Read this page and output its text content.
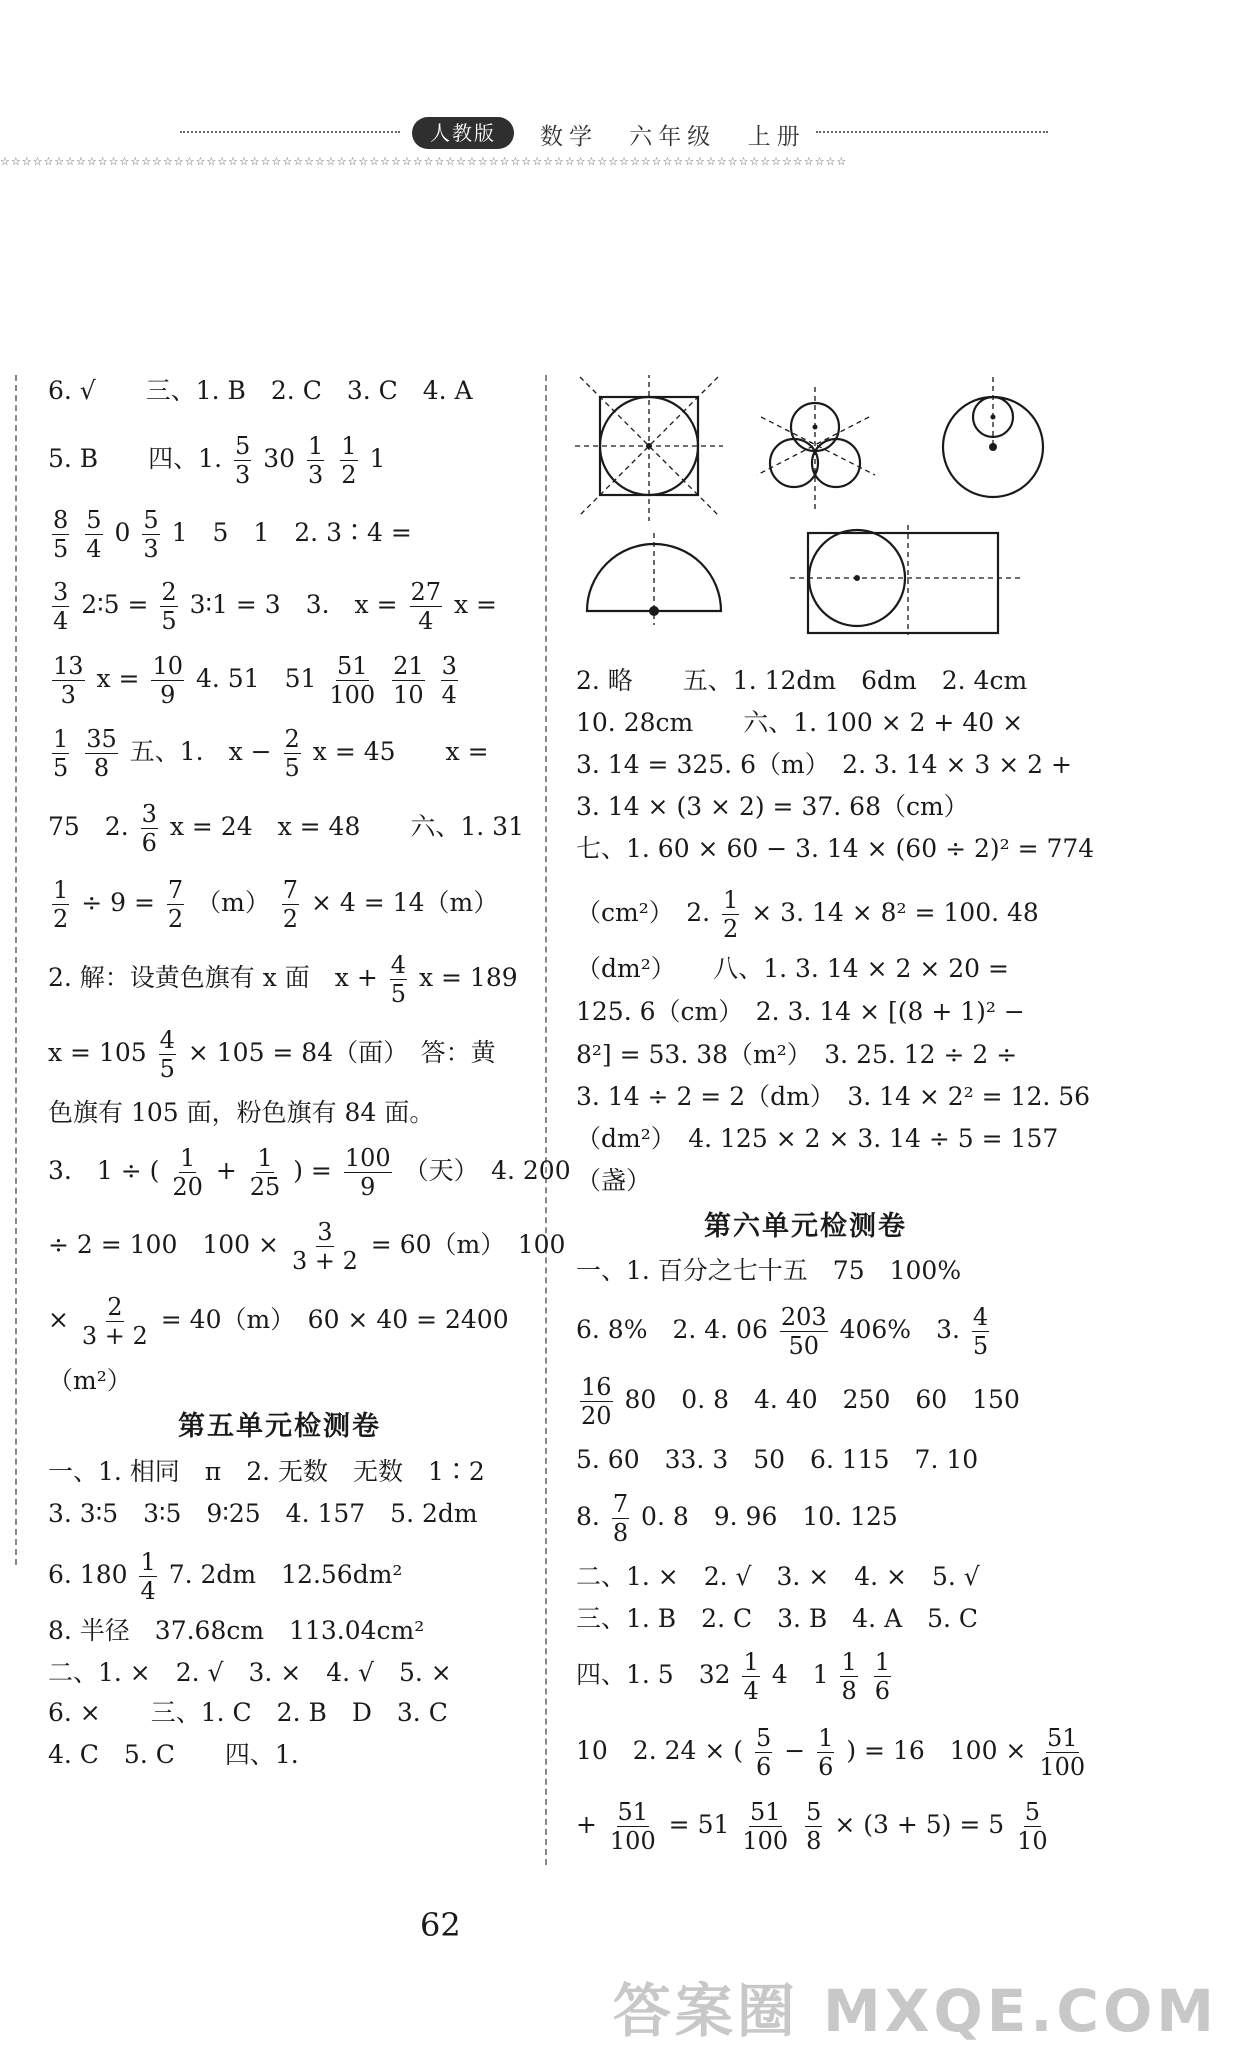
人教版	数学 六年级 上册
☆☆☆☆☆☆☆☆☆☆☆☆☆☆☆☆☆☆☆☆☆☆☆☆☆☆☆☆☆☆☆☆☆☆☆☆☆☆☆☆☆☆☆☆☆☆☆☆☆☆☆☆☆☆☆☆☆☆☆☆☆☆☆☆☆☆☆☆☆☆☆☆☆☆☆☆☆☆
6. √　　三、1. B　2. C　3. C　4. A
5. B　　四、1. $\frac{5}{3} 30 \frac{1}{3}$
$\frac{1}{2} 1$
$\frac{8}{5}$
$\frac{5}{4} 0 \frac{5}{3} 1$　5　1　2. 3∶4 =
$\frac{3}{4}$ 2∶5 = $\frac{2}{5}$ 3∶1 = 3　3.　$x = \frac{27}{4}$ x =
$\frac{13}{3}$ $x = \frac{10}{9} 4$. 51　$51 \frac{51}{100}$
$\frac{21}{10}$
$\frac{3}{4}$
$\frac{1}{5}$
$\frac{35}{8}$ 五、1.　$x - \frac{2}{5}$ x = 45　　x =
75　2. $\frac{3}{6}$ x = 24　x = 48　　六、1. 31
$\frac{1}{2} \div 9 = \frac{7}{2} (m) \frac{7}{2} \times 4 = 14(m)$
2. 解：设黄色旗有 x 面　$x + \frac{4}{5}$ x = 189
$x = 105 \frac{4}{5} \times 105 = 84$（面）　答：黄
色旗有 105 面，粉色旗有 84 面。
3.　1 ÷ ( $\frac{1}{20} + \frac{1}{25}$ ) = $\frac{100}{9}$ （天）　4. 200
÷ 2 = 100　$100 \times \frac{3}{3 + 2} = 60(m)$　100
× $\frac{2}{3 + 2} = 40(m)$　60 × 40 = 2400
（m²）
第五单元检测卷
一、1. 相同　π　2. 无数　无数　1∶2
3. 3∶5　3∶5　9∶25　4. 157　5. 2dm
6. $180 \frac{1}{4} 7$. 2dm　12.56dm²
8. 半径　37.68cm　113.04cm²
二、1. ×　2. √　3. ×　4. √　5. ×
6. ×　　三、1. C　2. B　D　3. C
4. C　5. C　　四、1.
2. 略　　五、1. 12dm　6dm　2. 4cm
10. 28cm　　六、1. 100 × 2 + 40 ×
3. 14 = 325. 6（m）　2. 3. 14 × 3 × 2 +
3. 14 × (3 × 2) = 37. 68（cm）
七、1. 60 × 60 − 3. 14 × (60 ÷ 2)² = 774
（cm²）　2. $\frac{1}{2} \times 3$. 14 × 8² = 100. 48
（dm²）　　八、1. 3. 14 × 2 × 20 =
125. 6（cm）　2. 3. 14 × [(8 + 1)² −
8²] = 53. 38（m²）　3. 25. 12 ÷ 2 ÷
3. 14 ÷ 2 = 2（dm）　3. 14 × 2² = 12. 56
（dm²）　4. 125 × 2 × 3. 14 ÷ 5 = 157
（盏）
第六单元检测卷
一、1. 百分之七十五　75　100%
6. 8%　2. 4. $06 \frac{203}{50} 406\%$　3. $\frac{4}{5}$
$\frac{16}{20} 80$　0. 8　4. 40　250　60　150
5. 60　33. 3　50　6. 115　7. 10
8. $\frac{7}{8} 0$. 8　9. 96　10. 125
二、1. ×　2. √　3. ×　4. ×　5. √
三、1. B　2. C　3. B　4. A　5. C
四、1. 5　$32 \frac{1}{4} 4$　$1 \frac{1}{8}$
$\frac{1}{6}$
10　2. 24 × ( $\frac{5}{6} - \frac{1}{6}$ ) = 16　$100 \times \frac{51}{100}$
+ $\frac{51}{100} = 51 \frac{51}{100}$
$\frac{5}{8} \times (3 + 5) = 5 \frac{5}{10}$
62
答案圈 MXQE.COM
